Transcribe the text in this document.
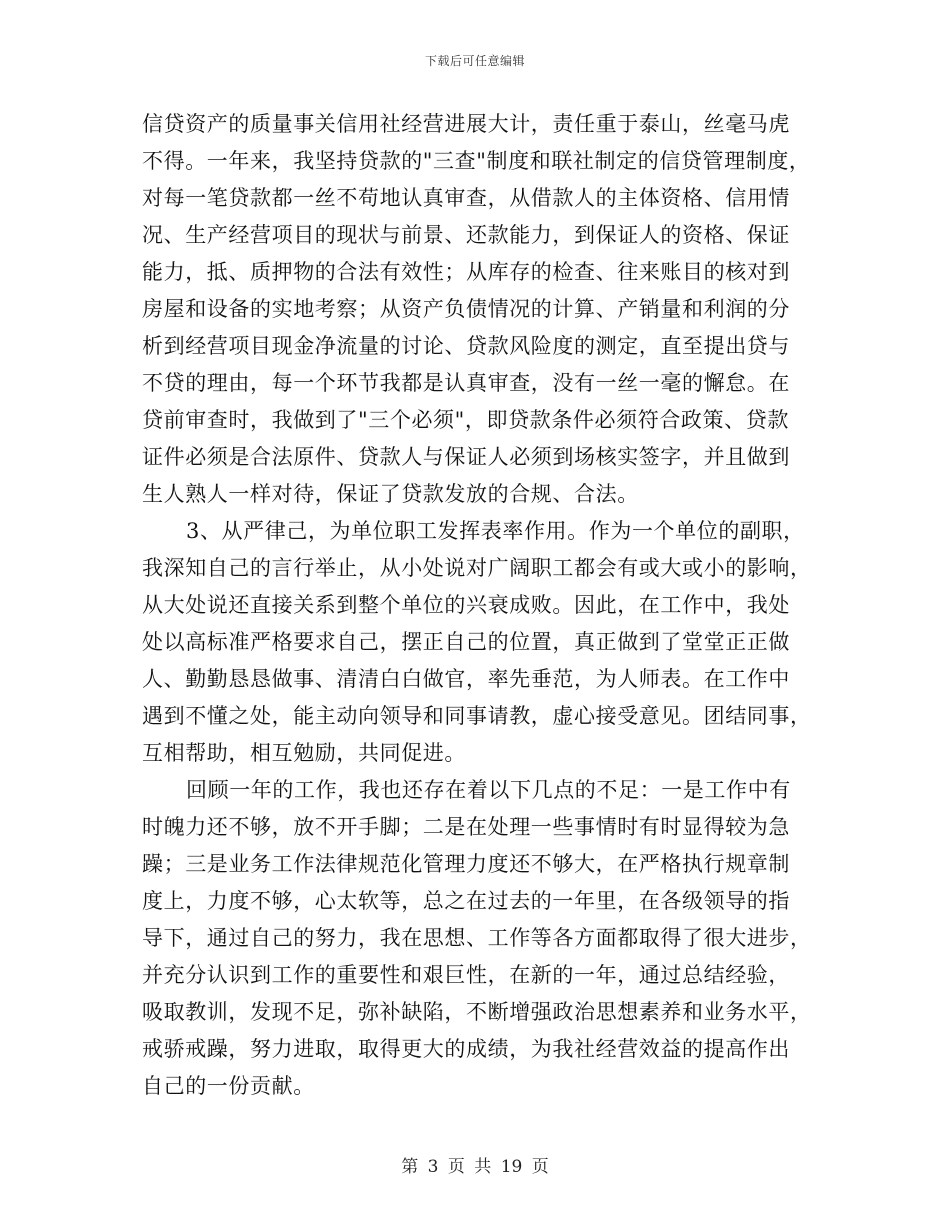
下载后可任意编辑
信贷资产的质量事关信用社经营进展大计，责任重于泰山，丝毫马虎
不得。一年来，我坚持贷款的"三查"制度和联社制定的信贷管理制度，
对每一笔贷款都一丝不苟地认真审查，从借款人的主体资格、信用情
况、生产经营项目的现状与前景、还款能力，到保证人的资格、保证
能力，抵、质押物的合法有效性；从库存的检查、往来账目的核对到
房屋和设备的实地考察；从资产负债情况的计算、产销量和利润的分
析到经营项目现金净流量的讨论、贷款风险度的测定，直至提出贷与
不贷的理由，每一个环节我都是认真审查，没有一丝一毫的懈怠。在
贷前审查时，我做到了"三个必须"，即贷款条件必须符合政策、贷款
证件必须是合法原件、贷款人与保证人必须到场核实签字，并且做到
生人熟人一样对待，保证了贷款发放的合规、合法。
3、从严律己，为单位职工发挥表率作用。作为一个单位的副职，
我深知自己的言行举止，从小处说对广阔职工都会有或大或小的影响，
从大处说还直接关系到整个单位的兴衰成败。因此，在工作中，我处
处以高标准严格要求自己，摆正自己的位置，真正做到了堂堂正正做
人、勤勤恳恳做事、清清白白做官，率先垂范，为人师表。在工作中
遇到不懂之处，能主动向领导和同事请教，虚心接受意见。团结同事，
互相帮助，相互勉励，共同促进。
回顾一年的工作，我也还存在着以下几点的不足：一是工作中有
时魄力还不够，放不开手脚；二是在处理一些事情时有时显得较为急
躁；三是业务工作法律规范化管理力度还不够大，在严格执行规章制
度上，力度不够，心太软等，总之在过去的一年里，在各级领导的指
导下，通过自己的努力，我在思想、工作等各方面都取得了很大进步，
并充分认识到工作的重要性和艰巨性，在新的一年，通过总结经验，
吸取教训，发现不足，弥补缺陷，不断增强政治思想素养和业务水平，
戒骄戒躁，努力进取，取得更大的成绩，为我社经营效益的提高作出
自己的一份贡献。
第 3 页 共 19 页
